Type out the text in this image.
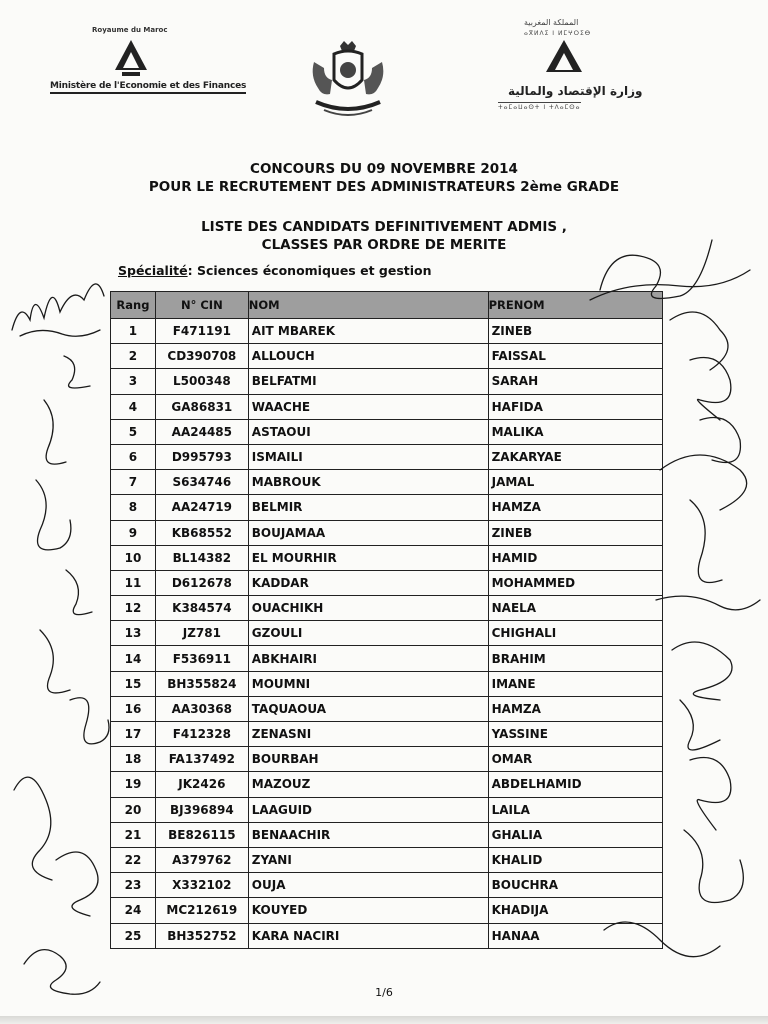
Royaume du Maroc
Ministère de l'Economie et des Finances
المملكة المغربية
ⴰⴳⵍⴷⵉ ⵏ ⵍⵎⵖⵔⵉⴱ
وزارة الإقتصاد والمالية
ⵜⴰⵎⴰⵡⴰⵙⵜ ⵏ ⵜⴷⴰⵎⵙⴰ
CONCOURS DU 09 NOVEMBRE 2014
POUR LE RECRUTEMENT DES ADMINISTRATEURS 2ème GRADE
LISTE DES CANDIDATS DEFINITIVEMENT ADMIS ,
CLASSES PAR ORDRE DE MERITE
Spécialité: Sciences économiques et gestion
Rang	N° CIN	NOM	PRENOM
1	F471191	AIT MBAREK	ZINEB
2	CD390708	ALLOUCH	FAISSAL
3	L500348	BELFATMI	SARAH
4	GA86831	WAACHE	HAFIDA
5	AA24485	ASTAOUI	MALIKA
6	D995793	ISMAILI	ZAKARYAE
7	S634746	MABROUK	JAMAL
8	AA24719	BELMIR	HAMZA
9	KB68552	BOUJAMAA	ZINEB
10	BL14382	EL MOURHIR	HAMID
11	D612678	KADDAR	MOHAMMED
12	K384574	OUACHIKH	NAELA
13	JZ781	GZOULI	CHIGHALI
14	F536911	ABKHAIRI	BRAHIM
15	BH355824	MOUMNI	IMANE
16	AA30368	TAQUAOUA	HAMZA
17	F412328	ZENASNI	YASSINE
18	FA137492	BOURBAH	OMAR
19	JK2426	MAZOUZ	ABDELHAMID
20	BJ396894	LAAGUID	LAILA
21	BE826115	BENAACHIR	GHALIA
22	A379762	ZYANI	KHALID
23	X332102	OUJA	BOUCHRA
24	MC212619	KOUYED	KHADIJA
25	BH352752	KARA NACIRI	HANAA
1/6
